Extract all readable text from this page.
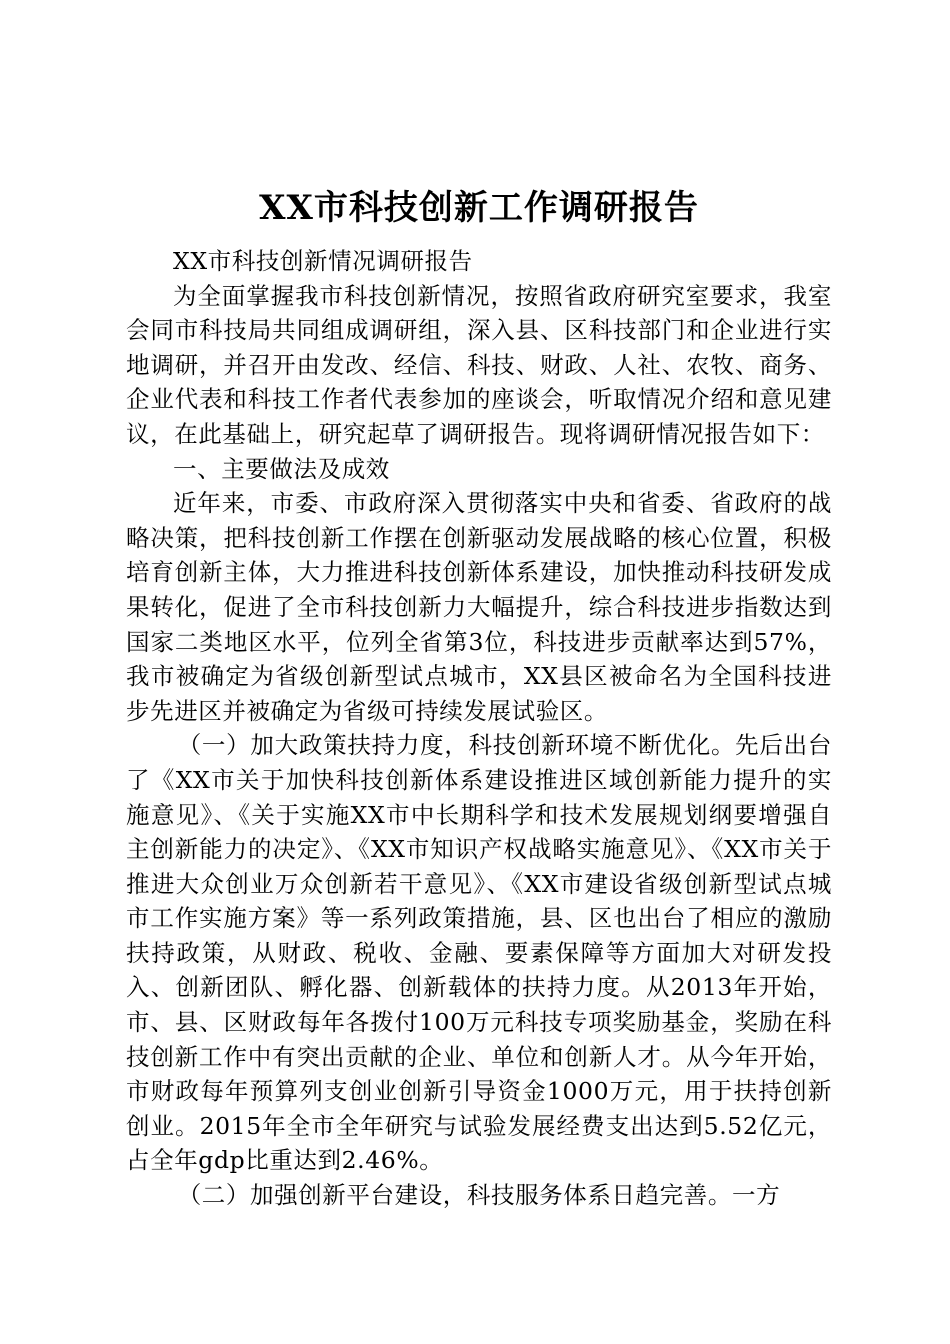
XX市科技创新工作调研报告

XX市科技创新情况调研报告

为全面掌握我市科技创新情况，按照省政府研究室要求，我室会同市科技局共同组成调研组，深入县、区科技部门和企业进行实地调研，并召开由发改、经信、科技、财政、人社、农牧、商务、企业代表和科技工作者代表参加的座谈会，听取情况介绍和意见建议，在此基础上，研究起草了调研报告。现将调研情况报告如下：

一、主要做法及成效

近年来，市委、市政府深入贯彻落实中央和省委、省政府的战略决策，把科技创新工作摆在创新驱动发展战略的核心位置，积极培育创新主体，大力推进科技创新体系建设，加快推动科技研发成果转化，促进了全市科技创新力大幅提升，综合科技进步指数达到国家二类地区水平，位列全省第3位，科技进步贡献率达到57%，我市被确定为省级创新型试点城市，XX县区被命名为全国科技进步先进区并被确定为省级可持续发展试验区。

（一）加大政策扶持力度，科技创新环境不断优化。先后出台了《XX市关于加快科技创新体系建设推进区域创新能力提升的实施意见》、《关于实施XX市中长期科学和技术发展规划纲要增强自主创新能力的决定》、《XX市知识产权战略实施意见》、《XX市关于推进大众创业万众创新若干意见》、《XX市建设省级创新型试点城市工作实施方案》等一系列政策措施，县、区也出台了相应的激励扶持政策，从财政、税收、金融、要素保障等方面加大对研发投入、创新团队、孵化器、创新载体的扶持力度。从2013年开始，市、县、区财政每年各拨付100万元科技专项奖励基金，奖励在科技创新工作中有突出贡献的企业、单位和创新人才。从今年开始，市财政每年预算列支创业创新引导资金1000万元，用于扶持创新创业。2015年全市全年研究与试验发展经费支出达到5.52亿元，占全年gdp比重达到2.46%。

（二）加强创新平台建设，科技服务体系日趋完善。一方
